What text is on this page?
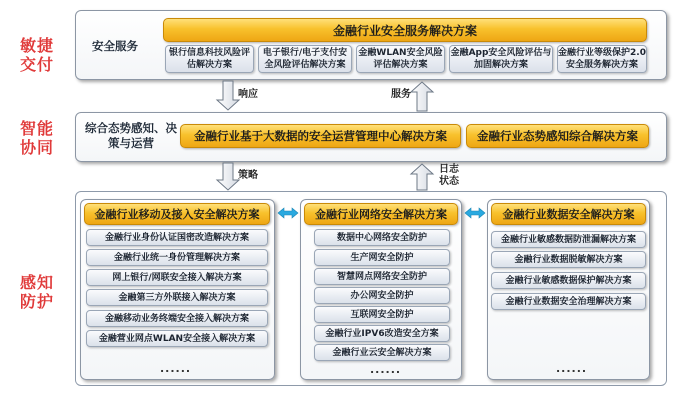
敏捷
交付
智能
协同
感知
防护
安全服务
金融行业安全服务解决方案
银行信息科技风险评估解决方案
电子银行/电子支付安全风险评估解决方案
金融WLAN安全风险评估解决方案
金融App安全风险评估与加固解决方案
金融行业等级保护2.0安全服务解决方案
综合态势感知、决策与运营	金融行业基于大数据的安全运营管理中心解决方案	金融行业态势感知综合解决方案
金融行业移动及接入安全解决方案
金融行业身份认证国密改造解决方案
金融行业统一身份管理解决方案
网上银行/网联安全接入解决方案
金融第三方外联接入解决方案
金融移动业务终端安全接入解决方案
金融营业网点WLAN安全接入解决方案
......
金融行业网络安全解决方案
数据中心网络安全防护
生产网安全防护
智慧网点网络安全防护
办公网安全防护
互联网安全防护
金融行业IPV6改造安全方案
金融行业云安全解决方案
......
金融行业数据安全解决方案
金融行业敏感数据防泄漏解决方案
金融行业数据脱敏解决方案
金融行业敏感数据保护解决方案
金融行业数据安全治理解决方案
......
响应	服务
策略
日志状态
